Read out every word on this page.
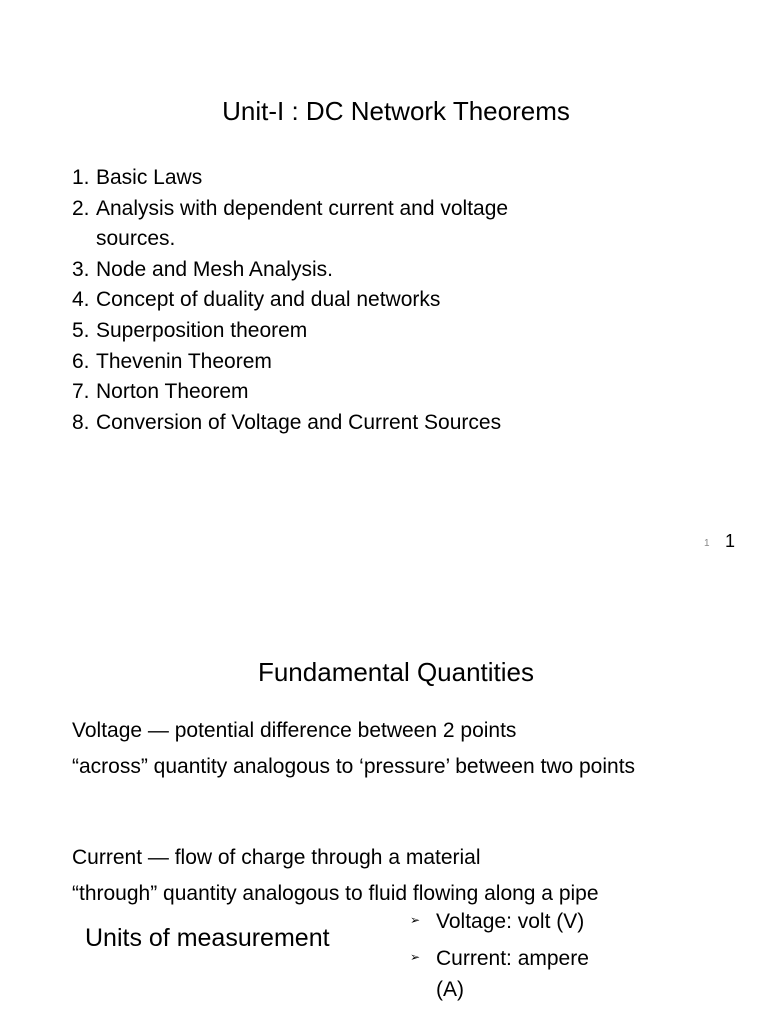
Unit-I : DC Network Theorems
1. Basic Laws
2. Analysis with dependent current and voltage sources.
3. Node and Mesh Analysis.
4. Concept of duality and dual networks
5. Superposition theorem
6. Thevenin Theorem
7. Norton Theorem
8. Conversion of Voltage and Current Sources
1 1
Fundamental Quantities

Voltage — potential difference between 2 points

“across” quantity analogous to ‘pressure’ between two points

Current — flow of charge through a material

“through” quantity analogous to fluid flowing along a pipe

Units of measurement
➢ Voltage: volt (V)
➢ Current: ampere (A)
